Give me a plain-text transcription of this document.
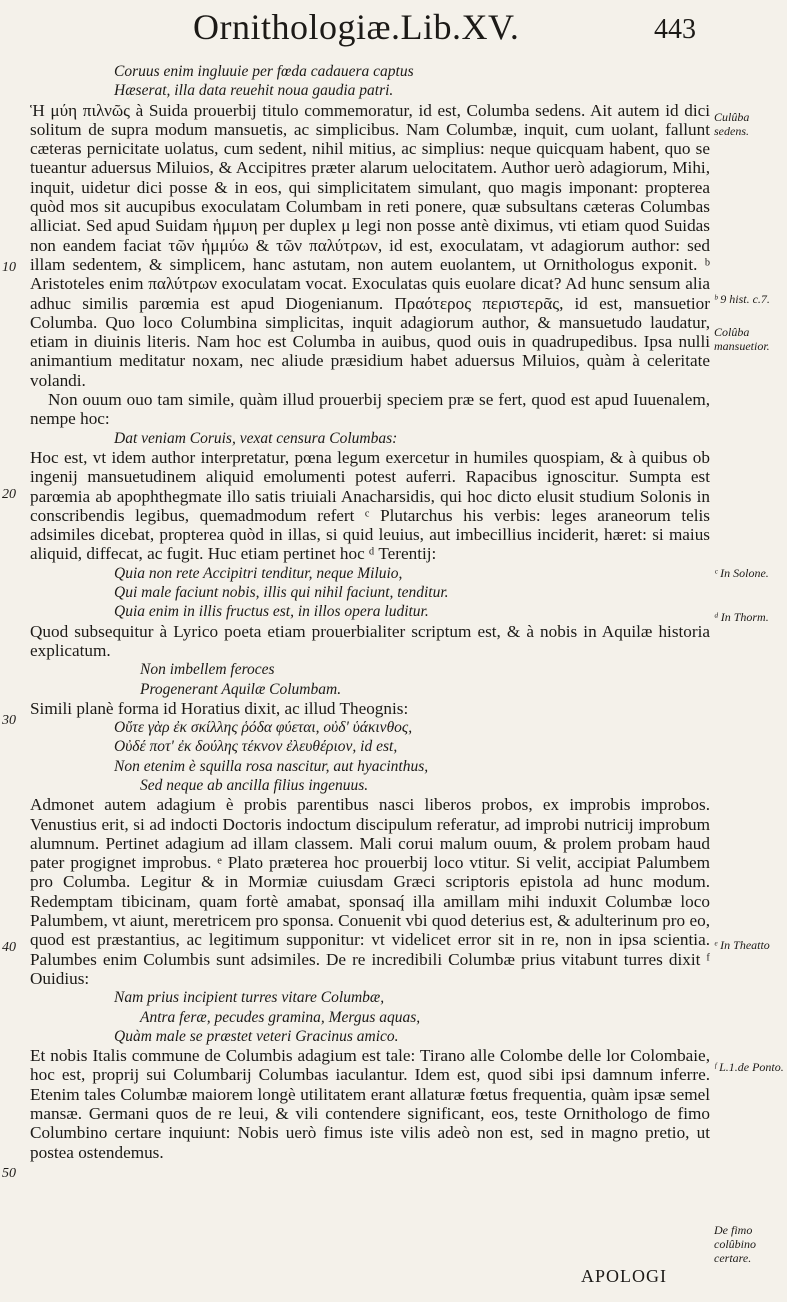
Ornithologiæ.Lib.XV.	443
Coruus enim ingluuie per fœda cadauera captus
Hæserat, illa data reuehit noua gaudia patri.

Ἡ μύη πιλνῶς à Suida prouerbij titulo commemoratur, id est, Columba sedens. Ait autem id dici solitum de supra modum mansuetis, ac simplicibus. Nam Columbæ, inquit, cum uolant, fallunt cæteras pernicitate uolatus, cum sedent, nihil mitius, ac simplius: neque quicquam habent, quo se tueantur aduersus Miluios, & Accipitres præter alarum uelocitatem. Author uerò adagiorum, Mihi, inquit, uidetur dici posse & in eos, qui simplicitatem simulant, quo magis imponant: propterea quòd mos sit aucupibus exoculatam Columbam in reti ponere, quæ subsultans cæteras Columbas alliciat. Sed apud Suidam ἡμμυη per duplex μ legi non posse antè diximus, vti etiam quod Suidas non eandem faciat τῶν ἡμμύω & τῶν παλύτρων, id est, exoculatam, vt adagiorum author: sed illam sedentem, & simplicem, hanc astutam, non autem euolantem, ut Ornithologus exponit. ᵇ Aristoteles enim παλύτρων exoculatam vocat. Exoculatas quis euolare dicat? Ad hunc sensum alia adhuc similis parœmia est apud Diogenianum. Πραότερος περιστερᾶς, id est, mansuetior Columba. Quo loco Columbina simplicitas, inquit adagiorum author, & mansuetudo laudatur, etiam in diuinis literis. Nam hoc est Columba in auibus, quod ouis in quadrupedibus. Ipsa nulli animantium meditatur noxam, nec aliude præsidium habet aduersus Miluios, quàm à celeritate volandi.

Non ouum ouo tam simile, quàm illud prouerbij speciem præ se fert, quod est apud Iuuenalem, nempe hoc:

Dat veniam Coruis, vexat censura Columbas:

Hoc est, vt idem author interpretatur, pœna legum exercetur in humiles quospiam, & à quibus ob ingenij mansuetudinem aliquid emolumenti potest auferri. Rapacibus ignoscitur. Sumpta est parœmia ab apophthegmate illo satis triuiali Anacharsidis, qui hoc dicto elusit studium Solonis in conscribendis legibus, quemadmodum refert ᶜ Plutarchus his verbis: leges araneorum telis adsimiles dicebat, propterea quòd in illas, si quid leuius, aut imbecillius inciderit, hæret: si maius aliquid, diffecat, ac fugit. Huc etiam pertinet hoc ᵈ Terentij:

Quia non rete Accipitri tenditur, neque Miluio,
Qui male faciunt nobis, illis qui nihil faciunt, tenditur.
Quia enim in illis fructus est, in illos opera luditur.

Quod subsequitur à Lyrico poeta etiam prouerbialiter scriptum est, & à nobis in Aquilæ historia explicatum.

Non imbellem feroces
Progenerant Aquilæ Columbam.

Simili planè forma id Horatius dixit, ac illud Theognis:

Οὔτε γὰρ ἐκ σκίλλης ῥόδα φύεται, οὐδ' ὑάκινθος,
Οὐδέ ποτ' ἐκ δούλης τέκνον ἐλευθέριον, id est,
Non etenim è squilla rosa nascitur, aut hyacinthus,
Sed neque ab ancilla filius ingenuus.

Admonet autem adagium è probis parentibus nasci liberos probos, ex improbis improbos. Venustius erit, si ad indocti Doctoris indoctum discipulum referatur, ad improbi nutricij improbum alumnum. Pertinet adagium ad illam classem. Mali corui malum ouum, & prolem probam haud pater progignet improbus. ᵉ Plato præterea hoc prouerbij loco vtitur. Si velit, accipiat Palumbem pro Columba. Legitur & in Mormiæ cuiusdam Græci scriptoris epistola ad hunc modum. Redemptam tibicinam, quam fortè amabat, sponsaq́ illa amillam mihi induxit Columbæ loco Palumbem, vt aiunt, meretricem pro sponsa. Conuenit vbi quod deterius est, & adulterinum pro eo, quod est præstantius, ac legitimum supponitur: vt videlicet error sit in re, non in ipsa scientia. Palumbes enim Columbis sunt adsimiles. De re incredibili Columbæ prius vitabunt turres dixit ᶠ Ouidius:

Nam prius incipient turres vitare Columbæ,
Antra feræ, pecudes gramina, Mergus aquas,
Quàm male se præstet veteri Gracinus amico.

Et nobis Italis commune de Columbis adagium est tale: Tirano alle Colombe delle lor Colombaie, hoc est, proprij sui Columbarij Columbas iaculantur. Idem est, quod sibi ipsi damnum inferre. Etenim tales Columbæ maiorem longè utilitatem erant allaturæ fœtus frequentia, quàm ipsæ semel mansæ. Germani quos de re leui, & vili contendere significant, eos, teste Ornithologo de fimo Columbino certare inquiunt: Nobis uerò fimus iste vilis adeò non est, sed in magno pretio, ut postea ostendemus.

Culûba sedens.
ᵇ 9 hist. c.7.
Colûba mansuetior.
ᶜ In Solone.
ᵈ In Thorm.
ᵉ In Theatto
ᶠ L.1.de Ponto.
De fimo colûbino certare.
10
20
30
40
50
APOLOGI
